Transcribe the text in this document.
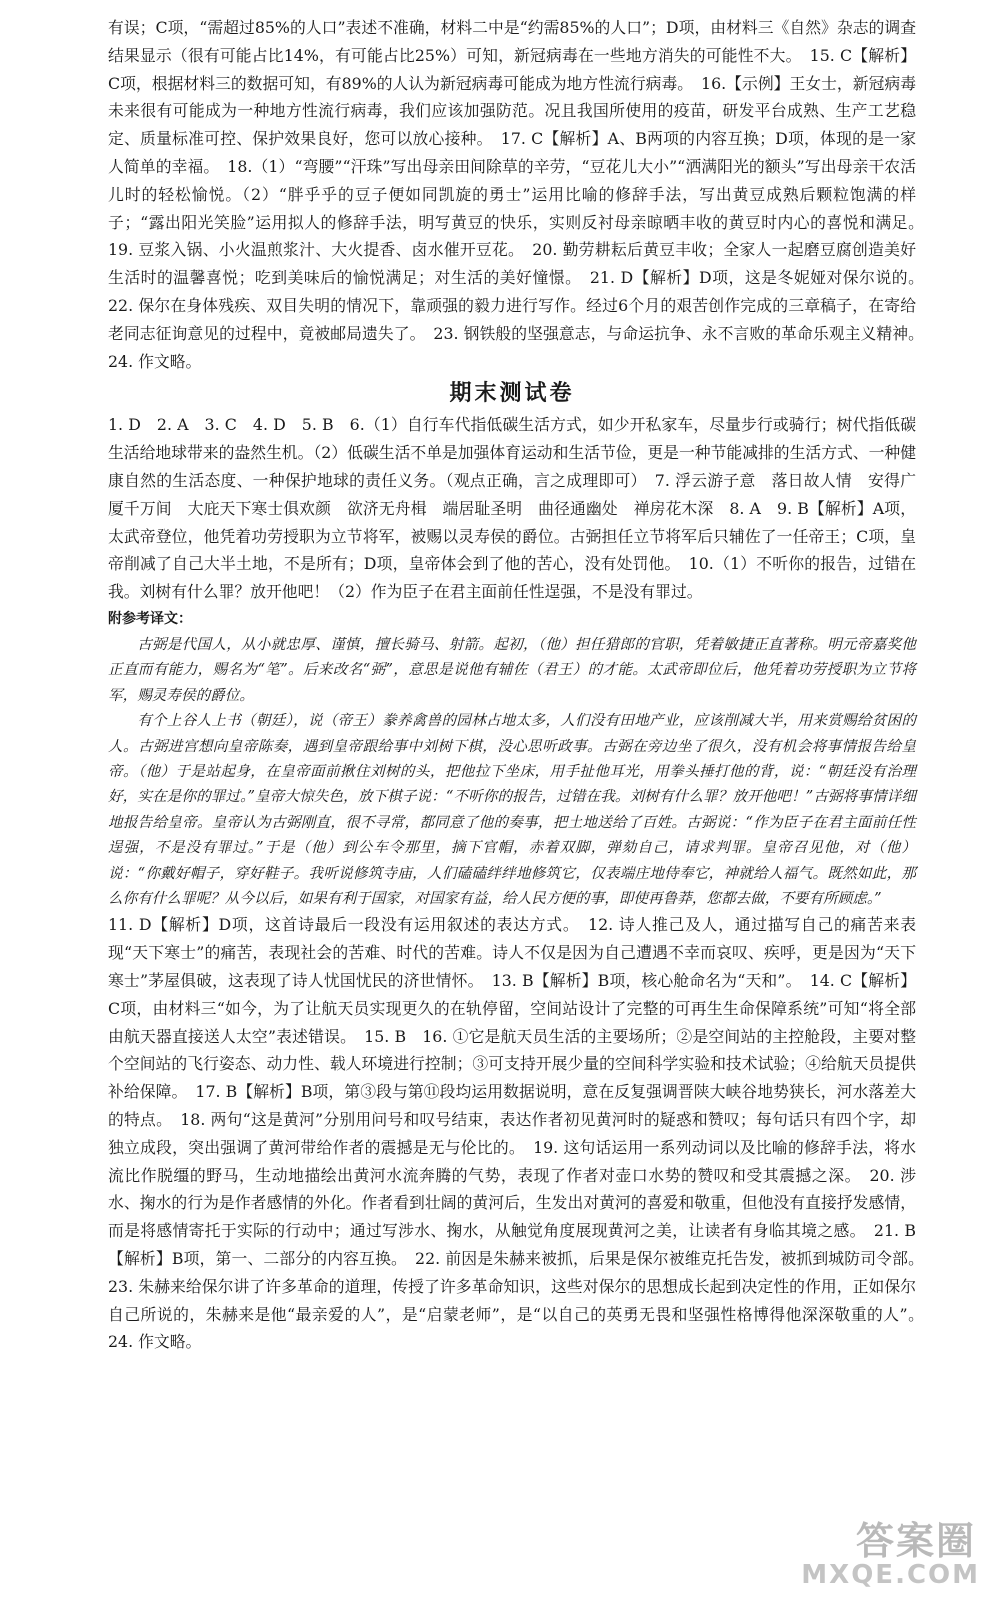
有误；C项，“需超过85%的人口”表述不准确，材料二中是“约需85%的人口”；D项，由材料三《自然》杂志的调查结果显示（很有可能占比14%，有可能占比25%）可知，新冠病毒在一些地方消失的可能性不大。　15. C【解析】C项，根据材料三的数据可知，有89%的人认为新冠病毒可能成为地方性流行病毒。　16.【示例】王女士，新冠病毒未来很有可能成为一种地方性流行病毒，我们应该加强防范。况且我国所使用的疫苗，研发平台成熟、生产工艺稳定、质量标准可控、保护效果良好，您可以放心接种。　17. C【解析】A、B两项的内容互换；D项，体现的是一家人简单的幸福。　18.（1）“弯腰”“汗珠”写出母亲田间除草的辛劳，“豆花儿大小”“洒满阳光的额头”写出母亲干农活儿时的轻松愉悦。（2）“胖乎乎的豆子便如同凯旋的勇士”运用比喻的修辞手法，写出黄豆成熟后颗粒饱满的样子；“露出阳光笑脸”运用拟人的修辞手法，明写黄豆的快乐，实则反衬母亲晾晒丰收的黄豆时内心的喜悦和满足。　19. 豆浆入锅、小火温煎浆汁、大火提香、卤水催开豆花。　20. 勤劳耕耘后黄豆丰收；全家人一起磨豆腐创造美好生活时的温馨喜悦；吃到美味后的愉悦满足；对生活的美好憧憬。　21. D【解析】D项，这是冬妮娅对保尔说的。　22. 保尔在身体残疾、双目失明的情况下，靠顽强的毅力进行写作。经过6个月的艰苦创作完成的三章稿子，在寄给老同志征询意见的过程中，竟被邮局遗失了。　23. 钢铁般的坚强意志，与命运抗争、永不言败的革命乐观主义精神。　24. 作文略。

期末测试卷

1. D　2. A　3. C　4. D　5. B　6.（1）自行车代指低碳生活方式，如少开私家车，尽量步行或骑行；树代指低碳生活给地球带来的盎然生机。（2）低碳生活不单是加强体育运动和生活节俭，更是一种节能减排的生活方式、一种健康自然的生活态度、一种保护地球的责任义务。（观点正确，言之成理即可）　7. 浮云游子意　落日故人情　安得广厦千万间　大庇天下寒士俱欢颜　欲济无舟楫　端居耻圣明　曲径通幽处　禅房花木深　8. A　9. B【解析】A项，太武帝登位，他凭着功劳授职为立节将军，被赐以灵寿侯的爵位。古弼担任立节将军后只辅佐了一任帝王；C项，皇帝削减了自己大半土地，不是所有；D项，皇帝体会到了他的苦心，没有处罚他。　10.（1）不听你的报告，过错在我。刘树有什么罪？放开他吧！（2）作为臣子在君主面前任性逞强，不是没有罪过。

附参考译文：

古弼是代国人，从小就忠厚、谨慎，擅长骑马、射箭。起初，（他）担任猎郎的官职，凭着敏捷正直著称。明元帝嘉奖他正直而有能力，赐名为“笔”。后来改名“弼”，意思是说他有辅佐（君王）的才能。太武帝即位后，他凭着功劳授职为立节将军，赐灵寿侯的爵位。

有个上谷人上书（朝廷），说（帝王）豢养禽兽的园林占地太多，人们没有田地产业，应该削减大半，用来赏赐给贫困的人。古弼进宫想向皇帝陈奏，遇到皇帝跟给事中刘树下棋，没心思听政事。古弼在旁边坐了很久，没有机会将事情报告给皇帝。（他）于是站起身，在皇帝面前揪住刘树的头，把他拉下坐床，用手扯他耳光，用拳头捶打他的背，说：“朝廷没有治理好，实在是你的罪过。”皇帝大惊失色，放下棋子说：“不听你的报告，过错在我。刘树有什么罪？放开他吧！”古弼将事情详细地报告给皇帝。皇帝认为古弼刚直，很不寻常，都同意了他的奏事，把土地送给了百姓。古弼说：“作为臣子在君主面前任性逞强，不是没有罪过。”于是（他）到公车令那里，摘下官帽，赤着双脚，弹劾自己，请求判罪。皇帝召见他，对（他）说：“你戴好帽子，穿好鞋子。我听说修筑寺庙，人们磕磕绊绊地修筑它，仅表端庄地侍奉它，神就给人福气。既然如此，那么你有什么罪呢？从今以后，如果有利于国家，对国家有益，给人民方便的事，即使再鲁莽，您都去做，不要有所顾虑。”

11. D【解析】D项，这首诗最后一段没有运用叙述的表达方式。　12. 诗人推己及人，通过描写自己的痛苦来表现“天下寒士”的痛苦，表现社会的苦难、时代的苦难。诗人不仅是因为自己遭遇不幸而哀叹、疾呼，更是因为“天下寒士”茅屋俱破，这表现了诗人忧国忧民的济世情怀。　13. B【解析】B项，核心舱命名为“天和”。　14. C【解析】C项，由材料三“如今，为了让航天员实现更久的在轨停留，空间站设计了完整的可再生生命保障系统”可知“将全部由航天器直接送人太空”表述错误。　15. B　16. ①它是航天员生活的主要场所；②是空间站的主控舱段，主要对整个空间站的飞行姿态、动力性、载人环境进行控制；③可支持开展少量的空间科学实验和技术试验；④给航天员提供补给保障。　17. B【解析】B项，第③段与第⑪段均运用数据说明，意在反复强调晋陕大峡谷地势狭长，河水落差大的特点。　18. 两句“这是黄河”分别用问号和叹号结束，表达作者初见黄河时的疑惑和赞叹；每句话只有四个字，却独立成段，突出强调了黄河带给作者的震撼是无与伦比的。　19. 这句话运用一系列动词以及比喻的修辞手法，将水流比作脱缰的野马，生动地描绘出黄河水流奔腾的气势，表现了作者对壶口水势的赞叹和受其震撼之深。　20. 涉水、掬水的行为是作者感情的外化。作者看到壮阔的黄河后，生发出对黄河的喜爱和敬重，但他没有直接抒发感情，而是将感情寄托于实际的行动中；通过写涉水、掬水，从触觉角度展现黄河之美，让读者有身临其境之感。　21. B【解析】B项，第一、二部分的内容互换。　22. 前因是朱赫来被抓，后果是保尔被维克托告发，被抓到城防司令部。　23. 朱赫来给保尔讲了许多革命的道理，传授了许多革命知识，这些对保尔的思想成长起到决定性的作用，正如保尔自己所说的，朱赫来是他“最亲爱的人”，是“启蒙老师”，是“以自己的英勇无畏和坚强性格博得他深深敬重的人”。　24. 作文略。

答案圈
MXQE.COM
